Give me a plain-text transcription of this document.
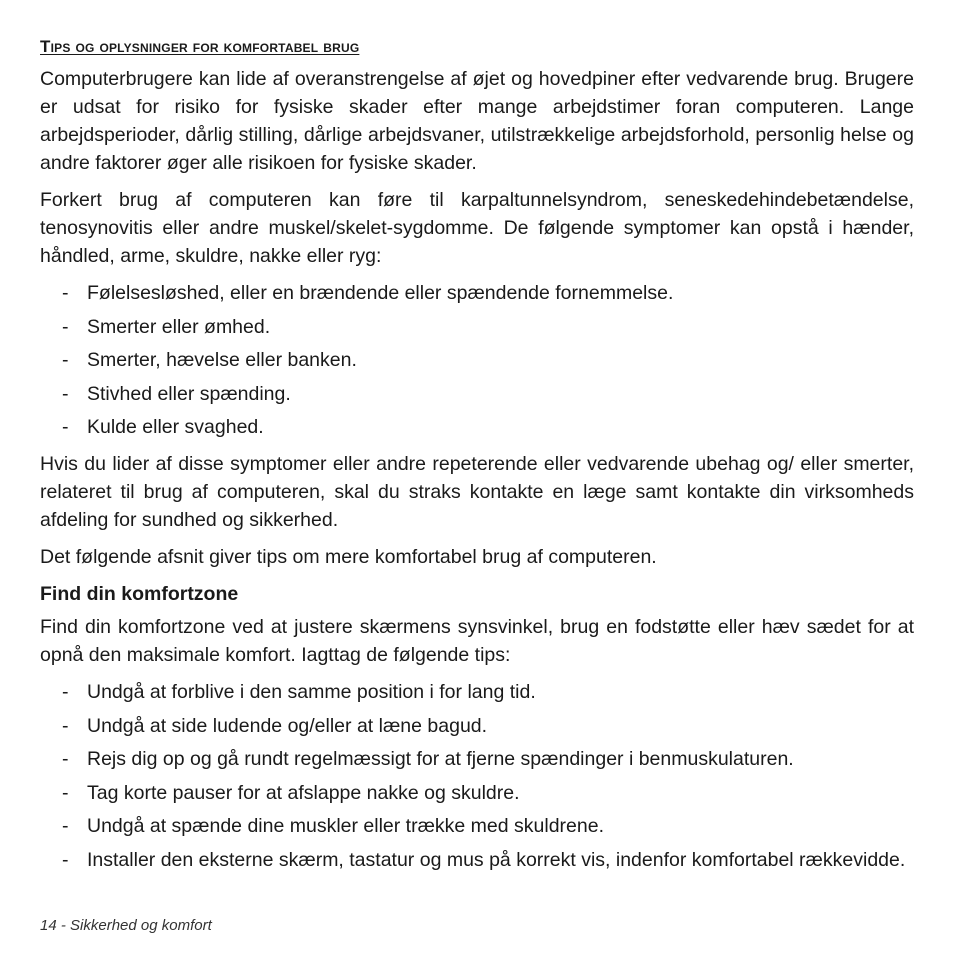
Tips og oplysninger for komfortabel brug

Computerbrugere kan lide af overanstrengelse af øjet og hovedpiner efter vedvarende brug. Brugere er udsat for risiko for fysiske skader efter mange arbejdstimer foran computeren. Lange arbejdsperioder, dårlig stilling, dårlige arbejdsvaner, utilstrækkelige arbejdsforhold, personlig helse og andre faktorer øger alle risikoen for fysiske skader.

Forkert brug af computeren kan føre til karpaltunnelsyndrom, seneskedehindebetændelse, tenosynovitis eller andre muskel/skelet-sygdomme. De følgende symptomer kan opstå i hænder, håndled, arme, skuldre, nakke eller ryg:

- Følelsesløshed, eller en brændende eller spændende fornemmelse.
- Smerter eller ømhed.
- Smerter, hævelse eller banken.
- Stivhed eller spænding.
- Kulde eller svaghed.

Hvis du lider af disse symptomer eller andre repeterende eller vedvarende ubehag og/ eller smerter, relateret til brug af computeren, skal du straks kontakte en læge samt kontakte din virksomheds afdeling for sundhed og sikkerhed.

Det følgende afsnit giver tips om mere komfortabel brug af computeren.

Find din komfortzone

Find din komfortzone ved at justere skærmens synsvinkel, brug en fodstøtte eller hæv sædet for at opnå den maksimale komfort. Iagttag de følgende tips:

- Undgå at forblive i den samme position i for lang tid.
- Undgå at side ludende og/eller at læne bagud.
- Rejs dig op og gå rundt regelmæssigt for at fjerne spændinger i benmuskulaturen.
- Tag korte pauser for at afslappe nakke og skuldre.
- Undgå at spænde dine muskler eller trække med skuldrene.
- Installer den eksterne skærm, tastatur og mus på korrekt vis, indenfor komfortabel rækkevidde.
14 - Sikkerhed og komfort
